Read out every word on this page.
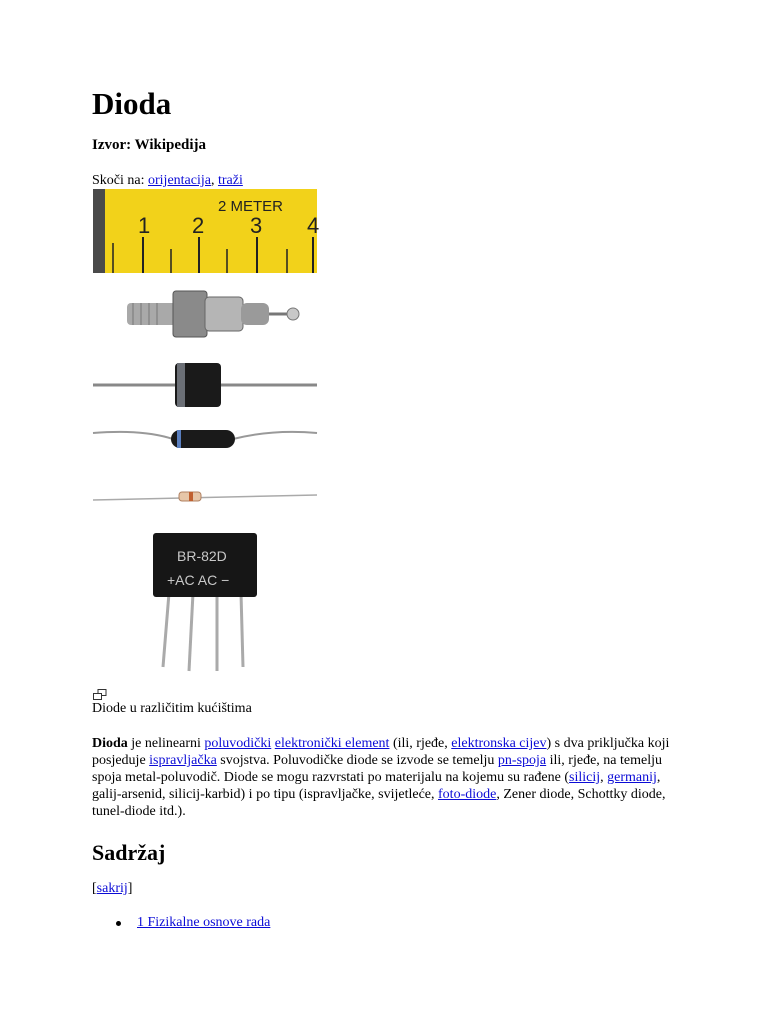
Dioda
Izvor: Wikipedija
Skoči na: orijentacija, traži
2 METER
1 2 3 4
BR-82D
+AC AC −
Diode u različitim kućištima

Dioda je nelinearni poluvodički elektronički element (ili, rjeđe, elektronska cijev) s dva priključka koji posjeduje ispravljačka svojstva. Poluvodičke diode se izvode se temelju pn-spoja ili, rjeđe, na temelju spoja metal-poluvodič. Diode se mogu razvrstati po materijalu na kojemu su rađene (silicij, germanij, galij-arsenid, silicij-karbid) i po tipu (ispravljačke, svijetleće, foto-diode, Zener diode, Schottky diode, tunel-diode itd.).

Sadržaj
[sakrij]
1 Fizikalne osnove rada
